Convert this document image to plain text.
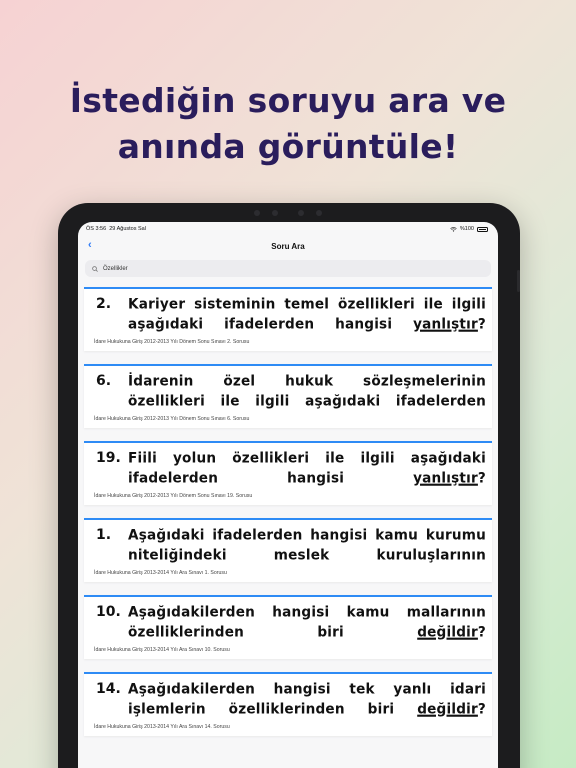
İstediğin soruyu ara ve
anında görüntüle!
ÖS 3:56 29 Ağustos Sal	%100
‹	Soru Ara
Özellikler
2.	Kariyer sisteminin temel özellikleri ile ilgili aşağıdaki ifadelerden hangisi yanlıştır?
İdare Hukukuna Giriş 2012-2013 Yılı Dönem Sonu Sınavı 2. Sorusu
6.	İdarenin özel hukuk sözleşmelerinin özellikleri ile ilgili aşağıdaki ifadelerden
İdare Hukukuna Giriş 2012-2013 Yılı Dönem Sonu Sınavı 6. Sorusu
19. Fiili yolun özellikleri ile ilgili aşağıdaki ifadelerden hangisi yanlıştır?
İdare Hukukuna Giriş 2012-2013 Yılı Dönem Sonu Sınavı 19. Sorusu
1.	Aşağıdaki ifadelerden hangisi kamu kurumu niteliğindeki meslek kuruluşlarının
İdare Hukukuna Giriş 2013-2014 Yılı Ara Sınavı 1. Sorusu
10. Aşağıdakilerden hangisi kamu mallarının özelliklerinden biri değildir?
İdare Hukukuna Giriş 2013-2014 Yılı Ara Sınavı 10. Sorusu
14. Aşağıdakilerden hangisi tek yanlı idari işlemlerin özelliklerinden biri değildir?
İdare Hukukuna Giriş 2013-2014 Yılı Ara Sınavı 14. Sorusu
